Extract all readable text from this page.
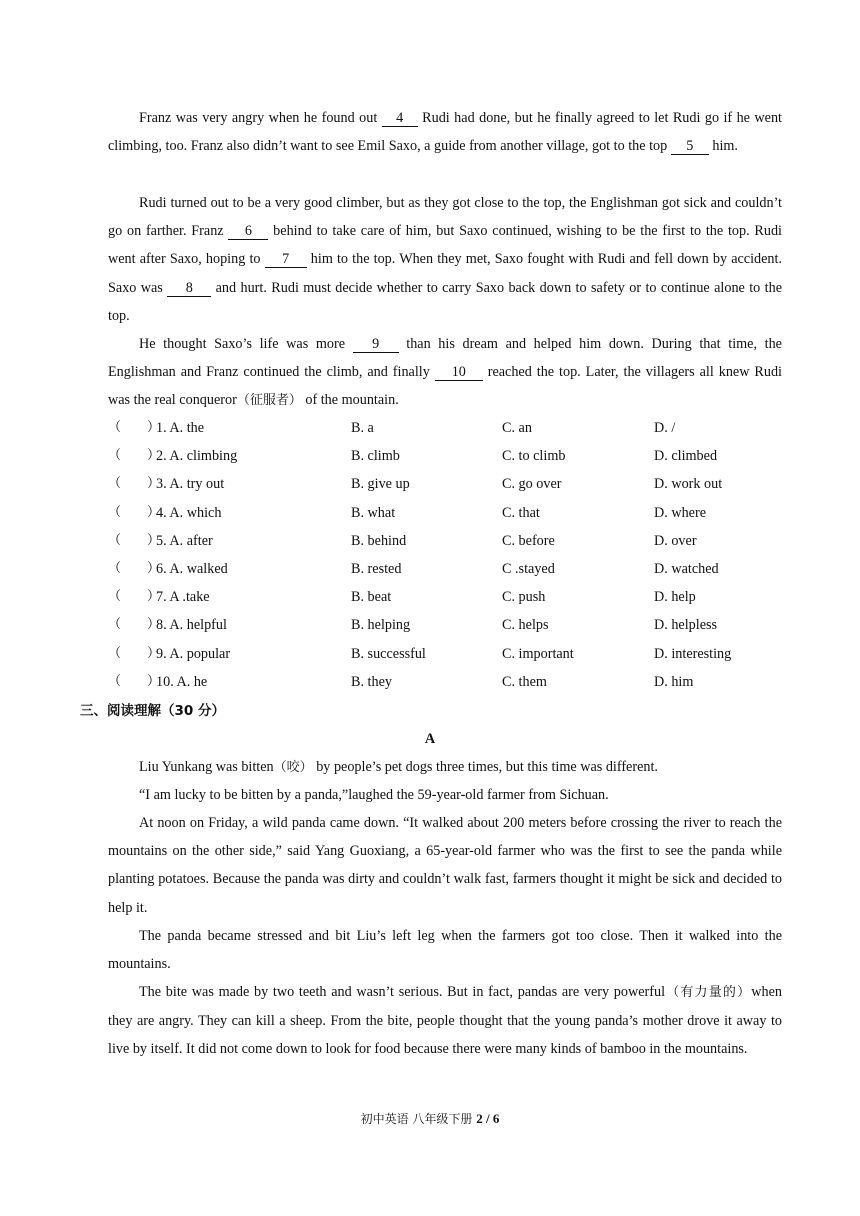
Franz was very angry when he found out 4 Rudi had done, but he finally agreed to let Rudi go if he went climbing, too. Franz also didn’t want to see Emil Saxo, a guide from another village, got to the top 5 him.
Rudi turned out to be a very good climber, but as they got close to the top, the Englishman got sick and couldn’t go on farther. Franz 6 behind to take care of him, but Saxo continued, wishing to be the first to the top. Rudi went after Saxo, hoping to 7 him to the top. When they met, Saxo fought with Rudi and fell down by accident. Saxo was 8 and hurt. Rudi must decide whether to carry Saxo back down to safety or to continue alone to the top.
He thought Saxo’s life was more 9 than his dream and helped him down. During that time, the Englishman and Franz continued the climb, and finally 10 reached the top. Later, the villagers all knew Rudi was the real conqueror（征服者） of the mountain.
（　　）
1. A. the	B. a	C. an	D. /
（　　）
2. A. climbing	B. climb	C. to climb	D. climbed
（　　）
3. A. try out	B. give up	C. go over	D. work out
（　　）
4. A. which	B. what	C. that	D. where
（　　）
5. A. after	B. behind	C. before	D. over
（　　）
6. A. walked	B. rested	C .stayed	D. watched
（　　）
7. A .take	B. beat	C. push	D. help
（　　）
8. A. helpful	B. helping	C. helps	D. helpless
（　　）
9. A. popular	B. successful	C. important	D. interesting
（　　）
10. A. he	B. they	C. them	D. him
三、阅读理解（30 分）
A
Liu Yunkang was bitten（咬） by people’s pet dogs three times, but this time was different.
“I am lucky to be bitten by a panda,”laughed the 59-year-old farmer from Sichuan.
At noon on Friday, a wild panda came down. “It walked about 200 meters before crossing the river to reach the mountains on the other side,” said Yang Guoxiang, a 65-year-old farmer who was the first to see the panda while planting potatoes. Because the panda was dirty and couldn’t walk fast, farmers thought it might be sick and decided to help it.
The panda became stressed and bit Liu’s left leg when the farmers got too close. Then it walked into the mountains.
The bite was made by two teeth and wasn’t serious. But in fact, pandas are very powerful（有力量的）when they are angry. They can kill a sheep. From the bite, people thought that the young panda’s mother drove it away to live by itself. It did not come down to look for food because there were many kinds of bamboo in the mountains.
初中英语 八年级下册 2 / 6
